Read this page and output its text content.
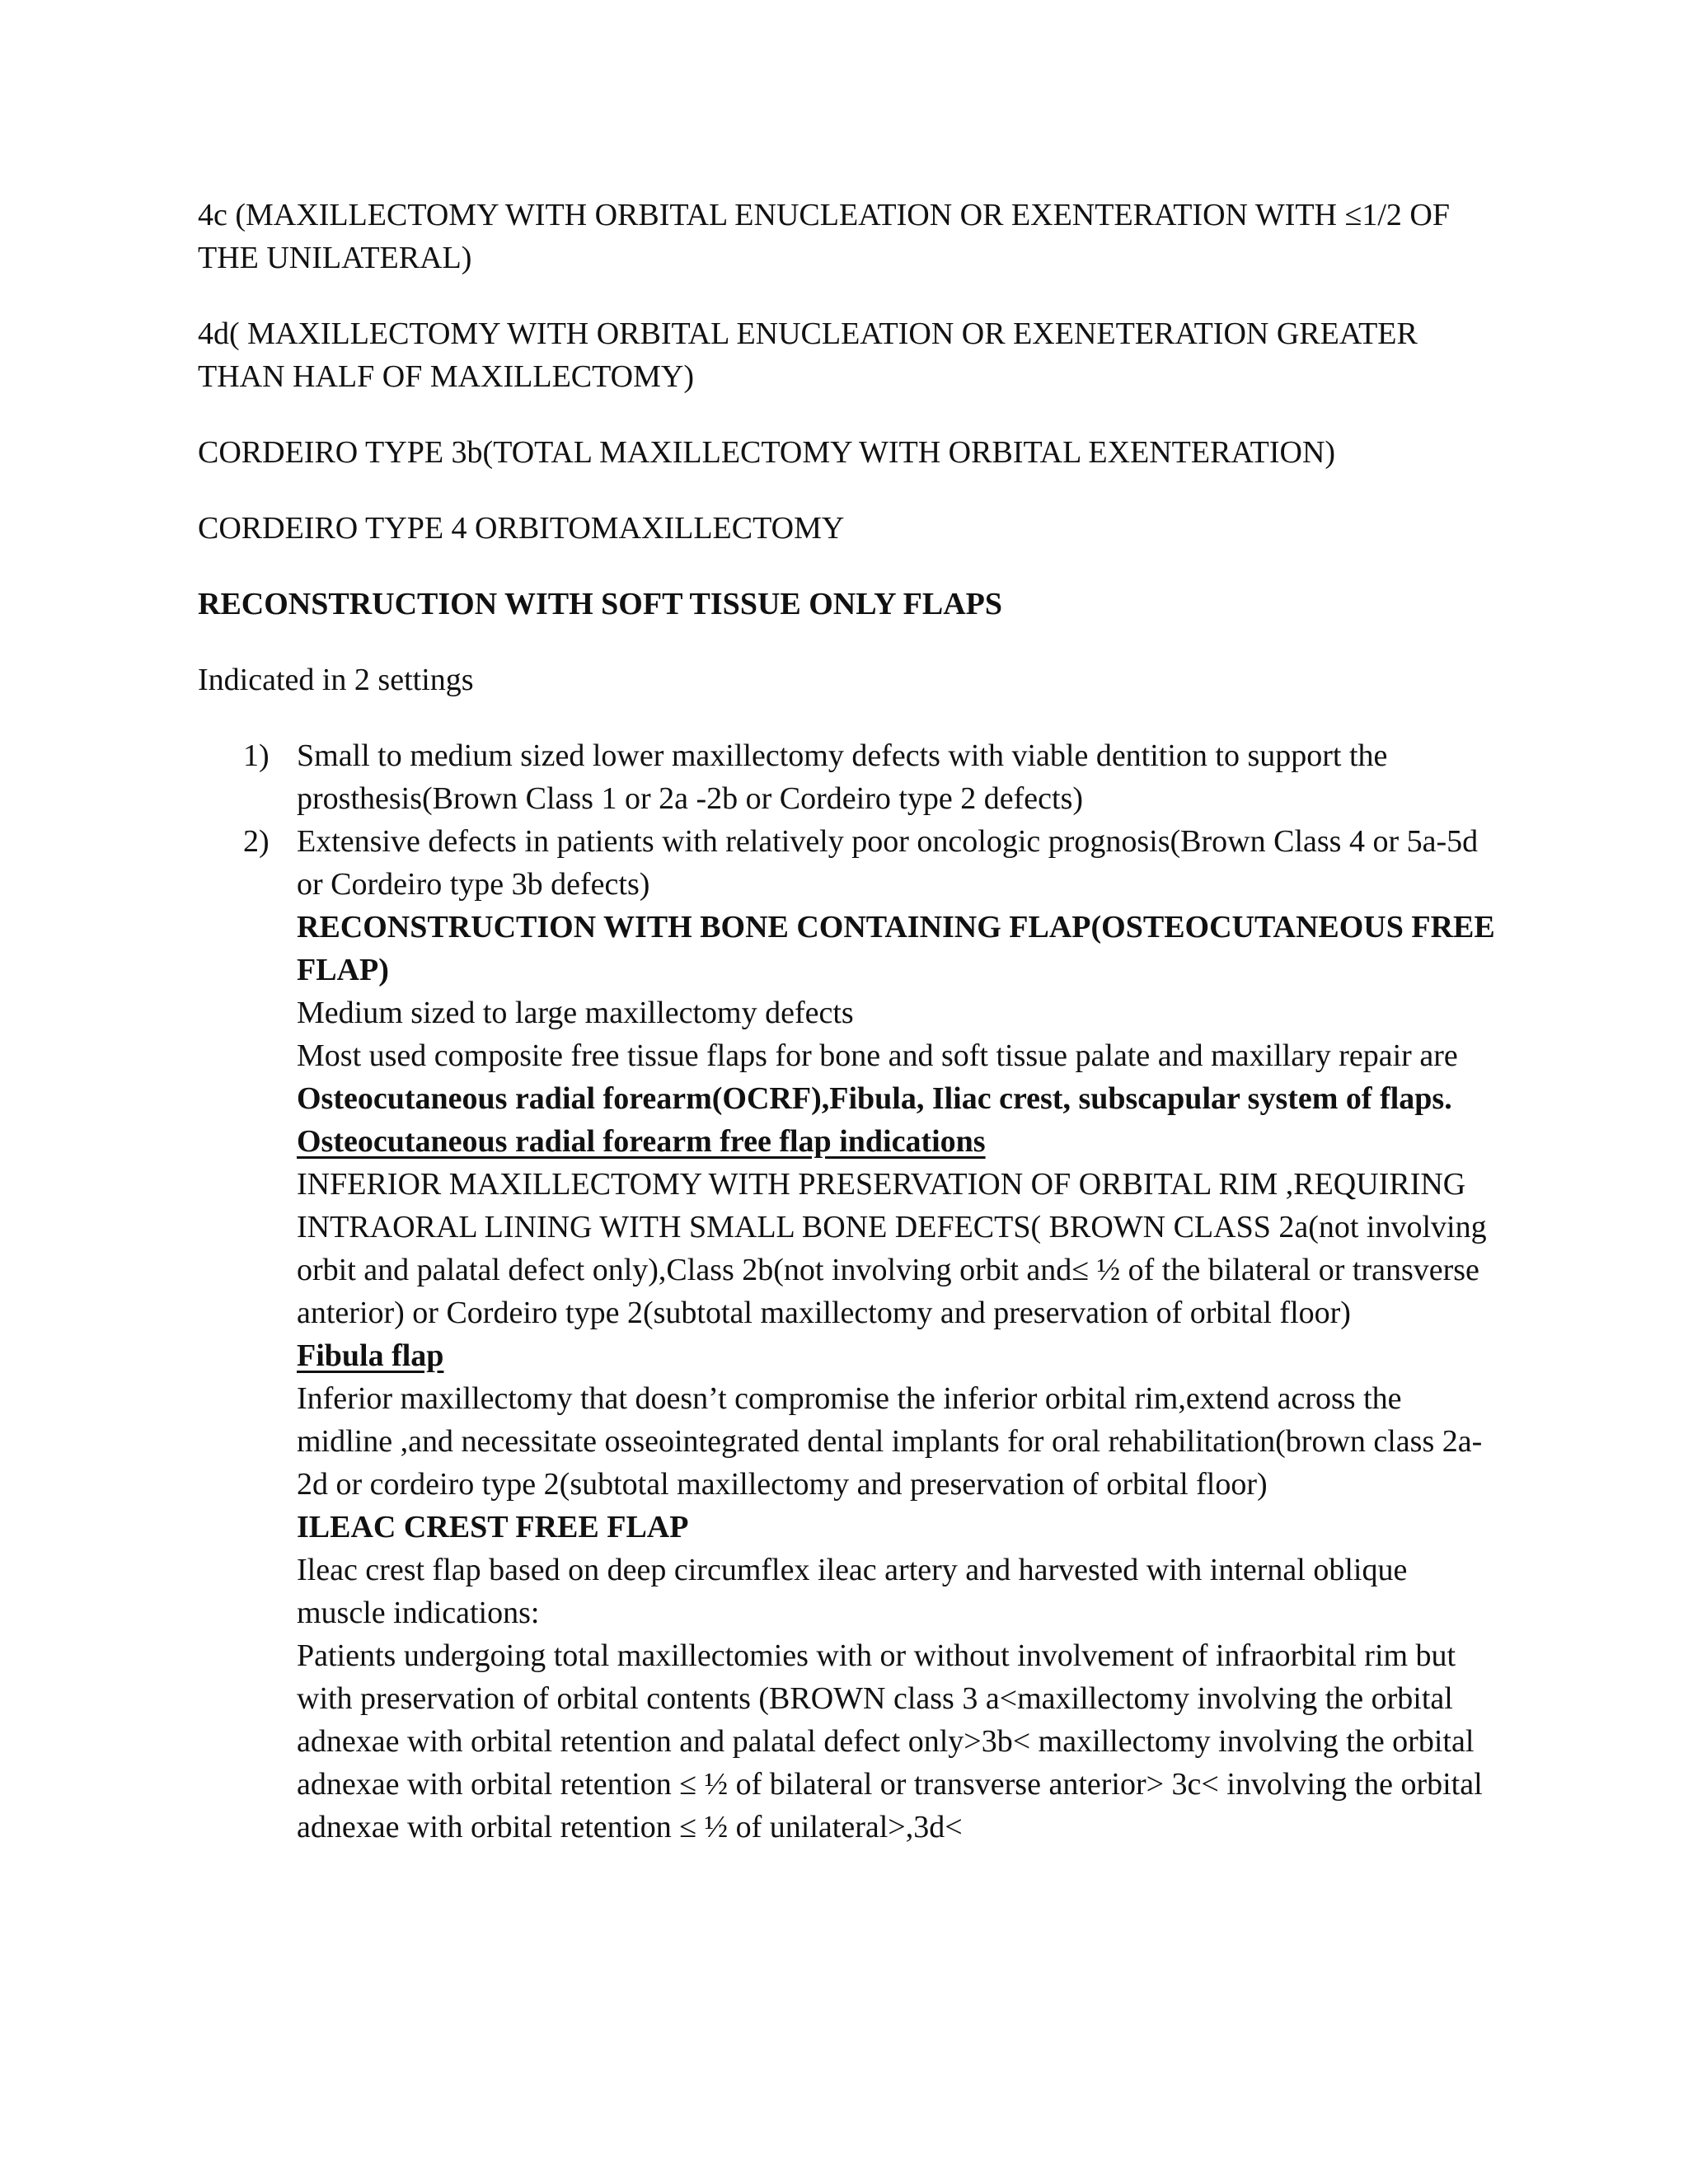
4c (MAXILLECTOMY WITH ORBITAL ENUCLEATION OR EXENTERATION WITH ≤1/2 OF THE UNILATERAL)

4d( MAXILLECTOMY WITH ORBITAL ENUCLEATION OR EXENETERATION GREATER THAN HALF OF MAXILLECTOMY)

CORDEIRO TYPE 3b(TOTAL MAXILLECTOMY WITH ORBITAL EXENTERATION)

CORDEIRO TYPE 4 ORBITOMAXILLECTOMY

RECONSTRUCTION WITH SOFT TISSUE ONLY FLAPS

Indicated in 2 settings

1) Small to medium sized lower maxillectomy defects with viable dentition to support the prosthesis(Brown Class 1 or 2a -2b or Cordeiro type 2 defects)
2) Extensive defects in patients with relatively poor oncologic prognosis(Brown Class 4 or 5a-5d or Cordeiro type 3b defects)
RECONSTRUCTION WITH BONE CONTAINING FLAP(OSTEOCUTANEOUS FREE FLAP)
Medium sized to large maxillectomy defects
Most used composite free tissue flaps for bone and soft tissue palate and maxillary repair are Osteocutaneous radial forearm(OCRF),Fibula, Iliac crest, subscapular system of flaps.
Osteocutaneous radial forearm free flap indications
INFERIOR MAXILLECTOMY WITH PRESERVATION OF ORBITAL RIM ,REQUIRING INTRAORAL LINING WITH SMALL BONE DEFECTS( BROWN CLASS 2a(not involving orbit and palatal defect only),Class 2b(not involving orbit and≤ ½ of the bilateral or transverse anterior) or Cordeiro type 2(subtotal maxillectomy and preservation of orbital floor)
Fibula flap
Inferior maxillectomy that doesn’t compromise the inferior orbital rim,extend across the midline ,and necessitate osseointegrated dental implants for oral rehabilitation(brown class 2a-2d or cordeiro type 2(subtotal maxillectomy and preservation of orbital floor)
ILEAC CREST FREE FLAP
Ileac crest flap based on deep circumflex ileac artery and harvested with internal oblique muscle indications:
Patients undergoing total maxillectomies with or without involvement of infraorbital rim but with preservation of orbital contents (BROWN class 3 a<maxillectomy involving the orbital adnexae with orbital retention and palatal defect only>3b< maxillectomy involving the orbital adnexae with orbital retention ≤ ½ of bilateral or transverse anterior> 3c< involving the orbital adnexae with orbital retention ≤ ½ of unilateral>,3d<
